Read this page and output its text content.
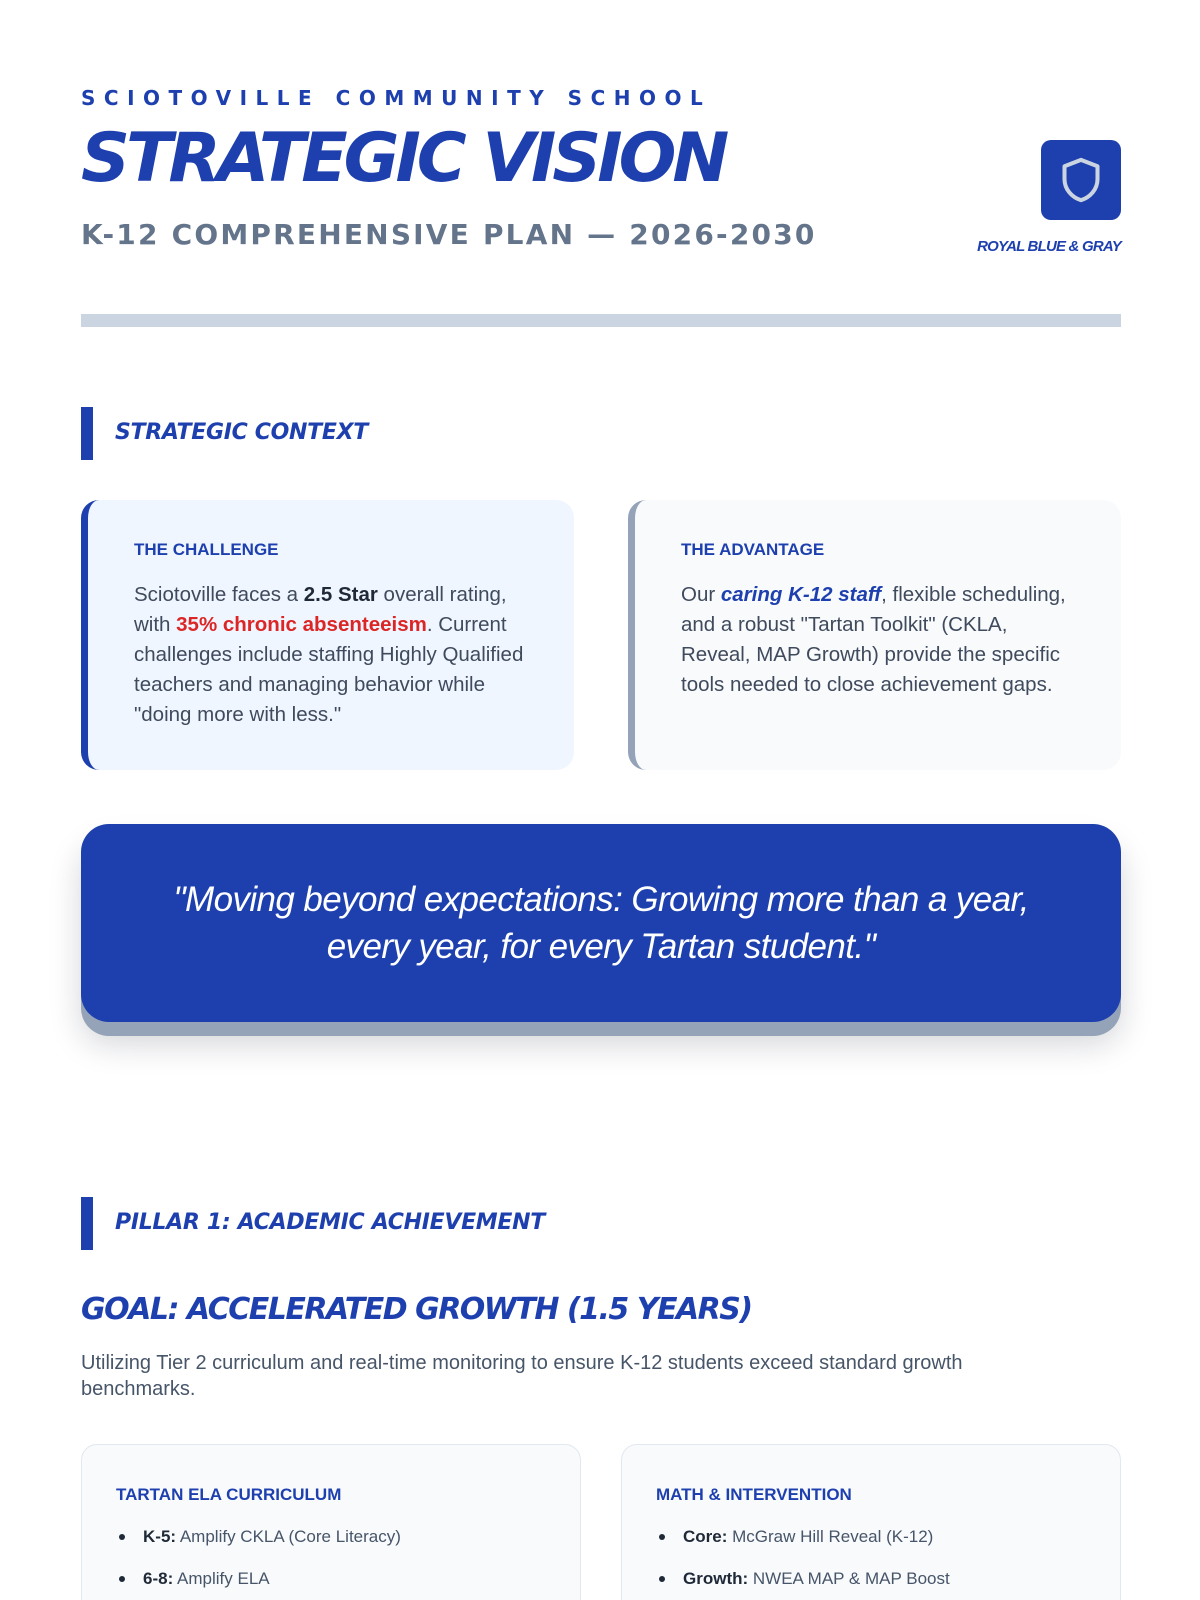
SCIOTOVILLE COMMUNITY SCHOOL
STRATEGIC VISION
K-12 COMPREHENSIVE PLAN — 2026-2030	ROYAL BLUE & GRAY
STRATEGIC CONTEXT
THE CHALLENGE

Sciotoville faces a 2.5 Star overall rating, with 35% chronic absenteeism. Current challenges include staffing Highly Qualified teachers and managing behavior while "doing more with less."

THE ADVANTAGE

Our caring K-12 staff, flexible scheduling, and a robust "Tartan Toolkit" (CKLA, Reveal, MAP Growth) provide the specific tools needed to close achievement gaps.

"Moving beyond expectations: Growing more than a year,
every year, for every Tartan student."

PILLAR 1: ACADEMIC ACHIEVEMENT
GOAL: ACCELERATED GROWTH (1.5 YEARS)
Utilizing Tier 2 curriculum and real-time monitoring to ensure K-12 students exceed standard growth benchmarks.
TARTAN ELA CURRICULUM
K-5: Amplify CKLA (Core Literacy)
6-8: Amplify ELA
MATH & INTERVENTION
Core: McGraw Hill Reveal (K-12)
Growth: NWEA MAP & MAP Boost
